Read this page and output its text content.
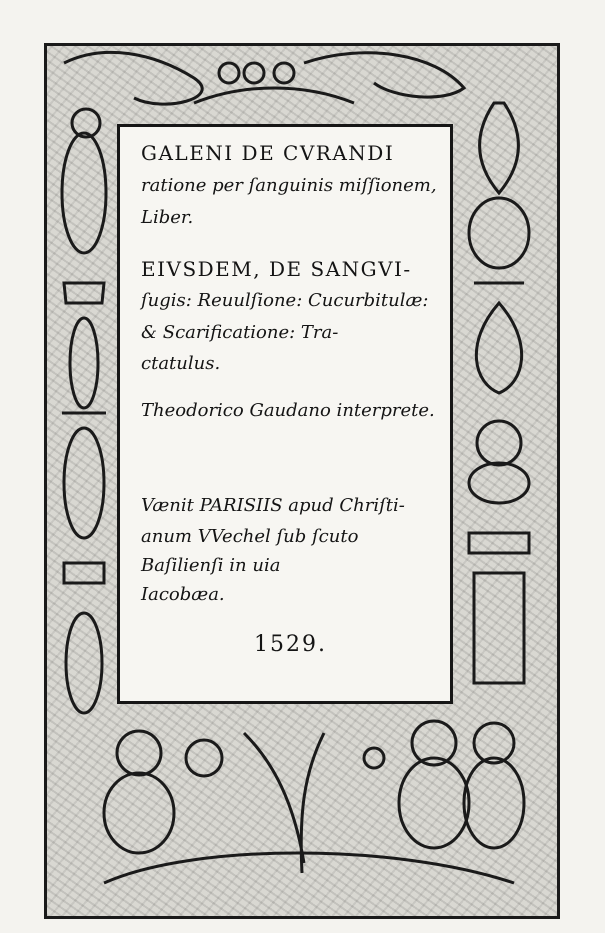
GALENI DE CVRANDI
ratione per ſanguinis miſſionem,
Liber.
EIVSDEM, DE SANGVI-
ſugis: Reuulſione: Cucurbitulæ:
& Scarificatione: Tra-
ctatulus.
Theodorico Gaudano interprete.
Vænit PARISIIS apud Chriſti-
anum VVechel ſub ſcuto
Baſilienſi in uia
Iacobæa.
1529.
